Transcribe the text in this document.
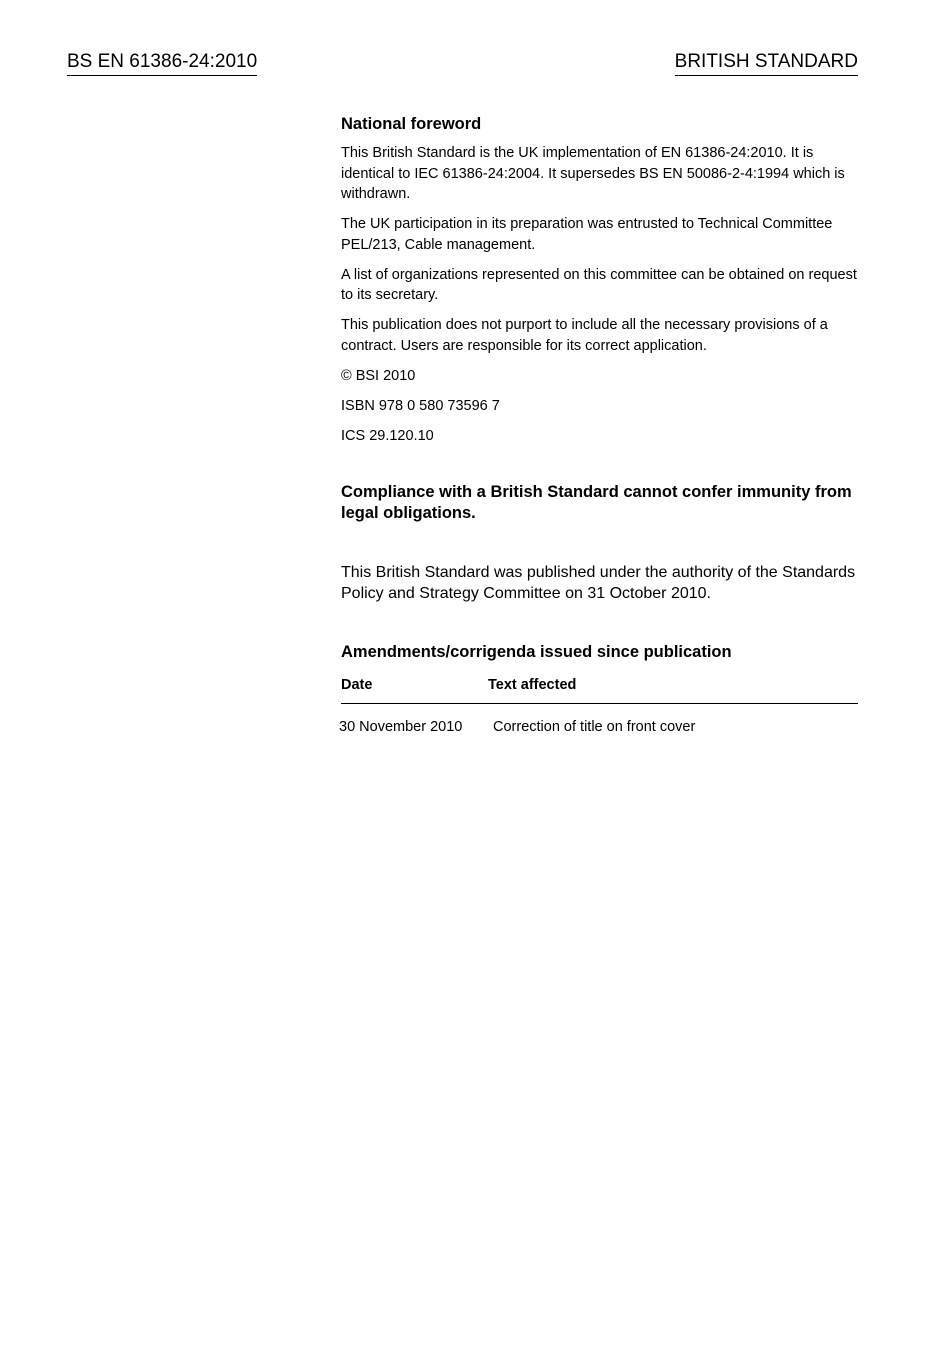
BS EN 61386-24:2010	BRITISH STANDARD
National foreword

This British Standard is the UK implementation of EN 61386-24:2010. It is identical to IEC 61386-24:2004. It supersedes BS EN 50086-2-4:1994 which is withdrawn.

The UK participation in its preparation was entrusted to Technical Committee PEL/213, Cable management.

A list of organizations represented on this committee can be obtained on request to its secretary.

This publication does not purport to include all the necessary provisions of a contract. Users are responsible for its correct application.

© BSI 2010

ISBN 978 0 580 73596 7

ICS 29.120.10

Compliance with a British Standard cannot confer immunity from legal obligations.
This British Standard was published under the authority of the Standards Policy and Strategy Committee on 31 October 2010.
Amendments/corrigenda issued since publication
Date	Text affected
30 November 2010	Correction of title on front cover
